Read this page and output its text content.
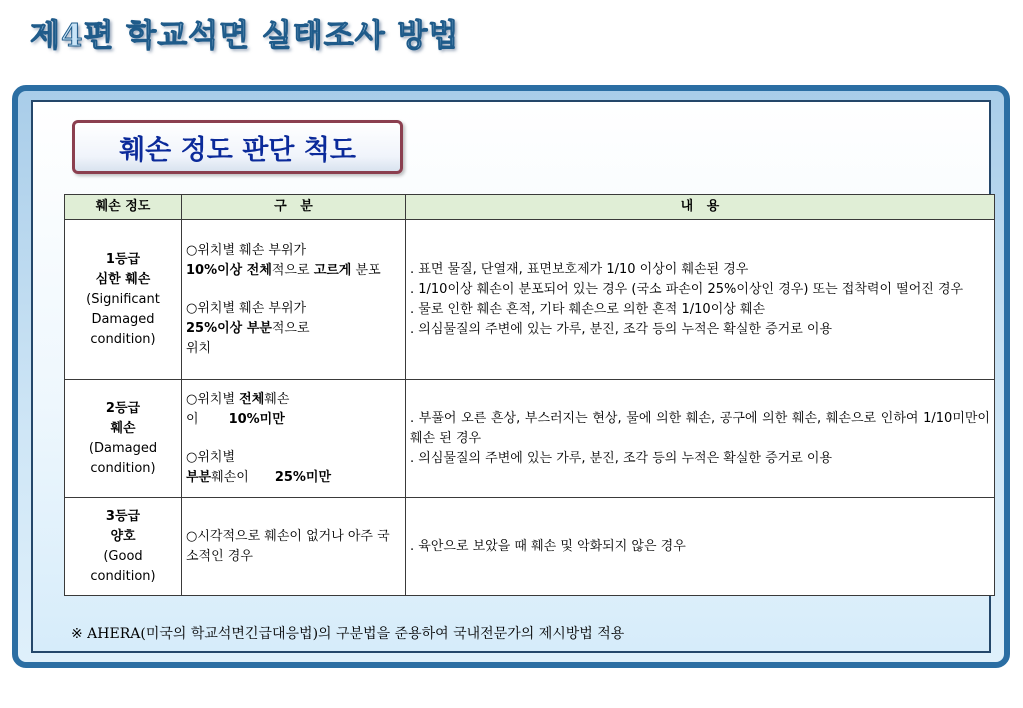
제4편 학교석면 실태조사 방법
훼손 정도 판단 척도
훼손 정도	구   분	내   용

1등급
심한 훼손
(Significant
Damaged
condition)	○위치별 훼손 부위가
10%이상 전체적으로 고르게 분포
○위치별 훼손 부위가
25%이상 부분적으로
위치	. 표면 물질, 단열재, 표면보호제가 1/10 이상이 훼손된 경우
. 1/10이상 훼손이 분포되어 있는 경우 (국소 파손이 25%이상인 경우) 또는 접착력이 떨어진 경우
. 물로 인한 훼손 흔적, 기타 훼손으로 의한 흔적 1/10이상 훼손
. 의심물질의 주변에 있는 가루, 분진, 조각 등의 누적은 확실한 증거로 이용

2등급
훼손
(Damaged
condition)	○위치별 전체훼손
이 10%미만
○위치별
부분훼손이 25%미만	. 부풀어 오른 흔상, 부스러지는 현상, 물에 의한 훼손, 공구에 의한 훼손, 훼손으로 인하여 1/10미만이 훼손 된 경우
. 의심물질의 주변에 있는 가루, 분진, 조각 등의 누적은 확실한 증거로 이용

3등급
양호
(Good
condition)	○시각적으로 훼손이 없거나 아주 국소적인 경우	. 육안으로 보았을 때 훼손 및 악화되지 않은 경우
※ AHERA(미국의 학교석면긴급대응법)의 구분법을 준용하여 국내전문가의 제시방법 적용
